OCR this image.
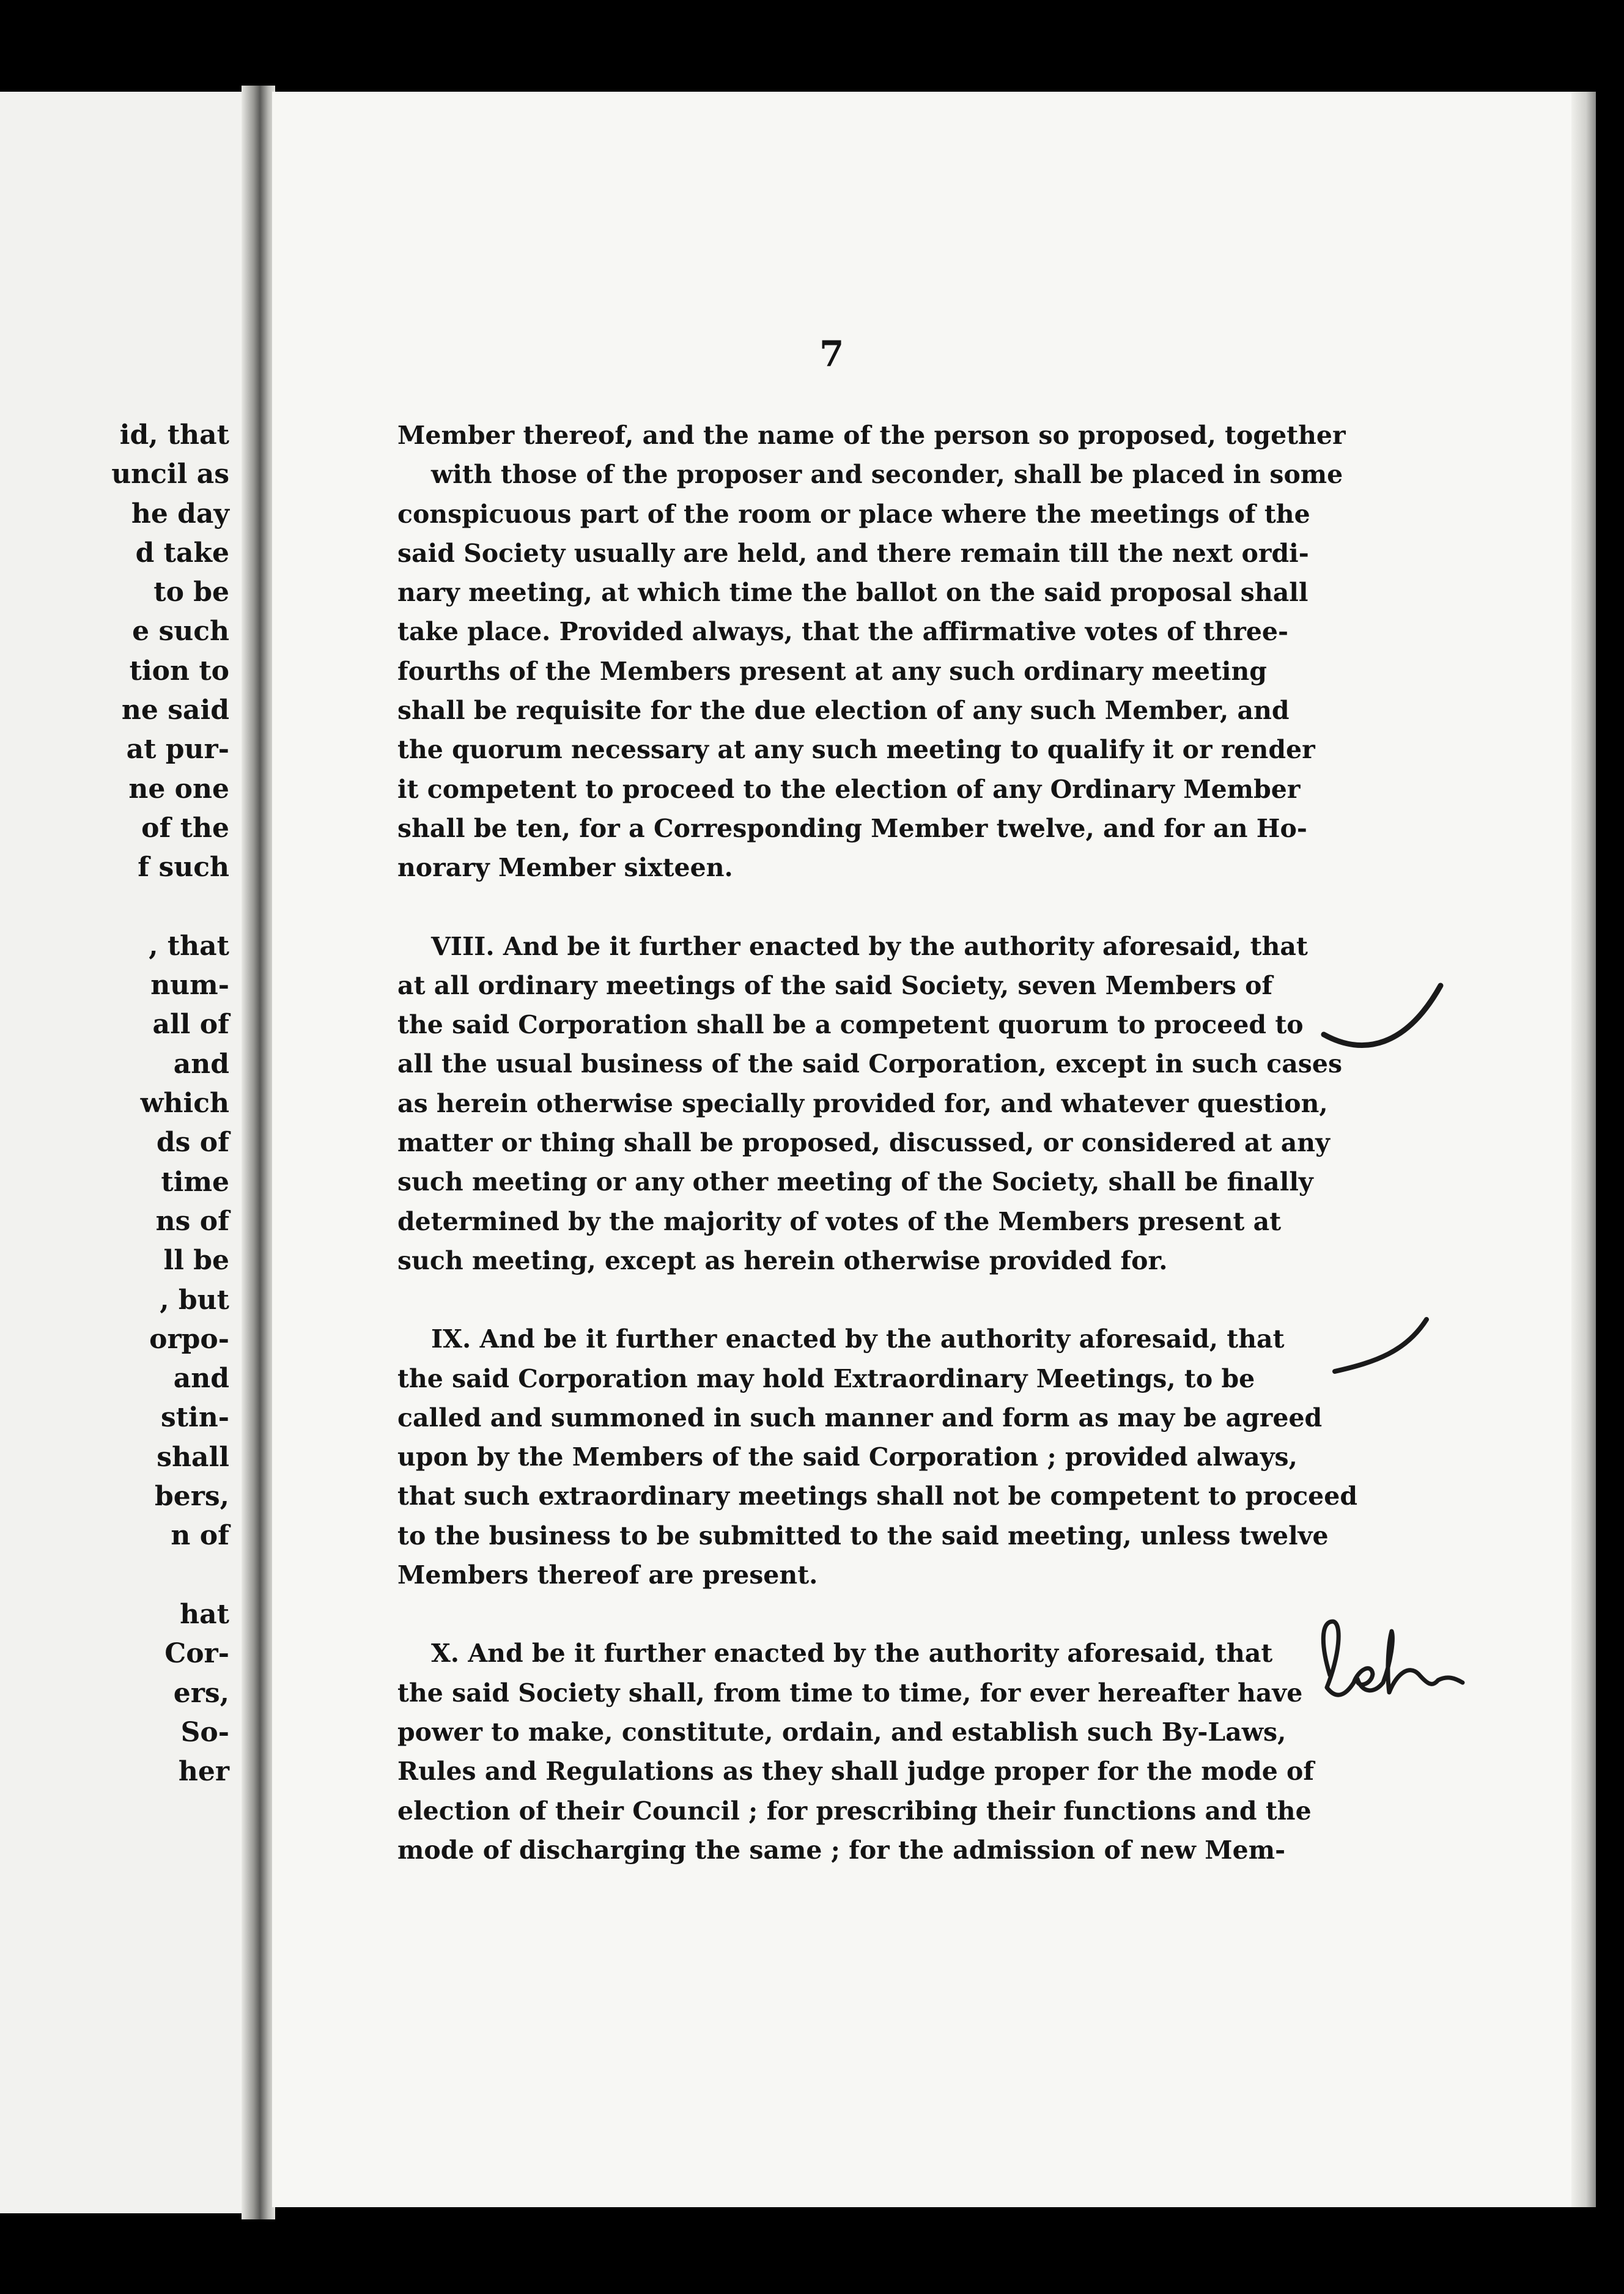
id, that
uncil as
he day
d take
to be
e such
tion to
ne said
at pur-
ne one
of the
f such
, that
num-
all of
and
which
ds of
time
ns of
ll be
, but
orpo-
and
stin-
shall
bers,
n of
hat
Cor-
ers,
So-
her
7
Member thereof, and the name of the person so proposed, together
with those of the proposer and seconder, shall be placed in some
conspicuous part of the room or place where the meetings of the
said Society usually are held, and there remain till the next ordi-
nary meeting, at which time the ballot on the said proposal shall
take place. Provided always, that the affirmative votes of three-
fourths of the Members present at any such ordinary meeting
shall be requisite for the due election of any such Member, and
the quorum necessary at any such meeting to qualify it or render
it competent to proceed to the election of any Ordinary Member
shall be ten, for a Corresponding Member twelve, and for an Ho-
norary Member sixteen.
VIII. And be it further enacted by the authority aforesaid, that
at all ordinary meetings of the said Society, seven Members of
the said Corporation shall be a competent quorum to proceed to
all the usual business of the said Corporation, except in such cases
as herein otherwise specially provided for, and whatever question,
matter or thing shall be proposed, discussed, or considered at any
such meeting or any other meeting of the Society, shall be finally
determined by the majority of votes of the Members present at
such meeting, except as herein otherwise provided for.
IX. And be it further enacted by the authority aforesaid, that
the said Corporation may hold Extraordinary Meetings, to be
called and summoned in such manner and form as may be agreed
upon by the Members of the said Corporation ; provided always,
that such extraordinary meetings shall not be competent to proceed
to the business to be submitted to the said meeting, unless twelve
Members thereof are present.
X. And be it further enacted by the authority aforesaid, that
the said Society shall, from time to time, for ever hereafter have
power to make, constitute, ordain, and establish such By-Laws,
Rules and Regulations as they shall judge proper for the mode of
election of their Council ; for prescribing their functions and the
mode of discharging the same ; for the admission of new Mem-
